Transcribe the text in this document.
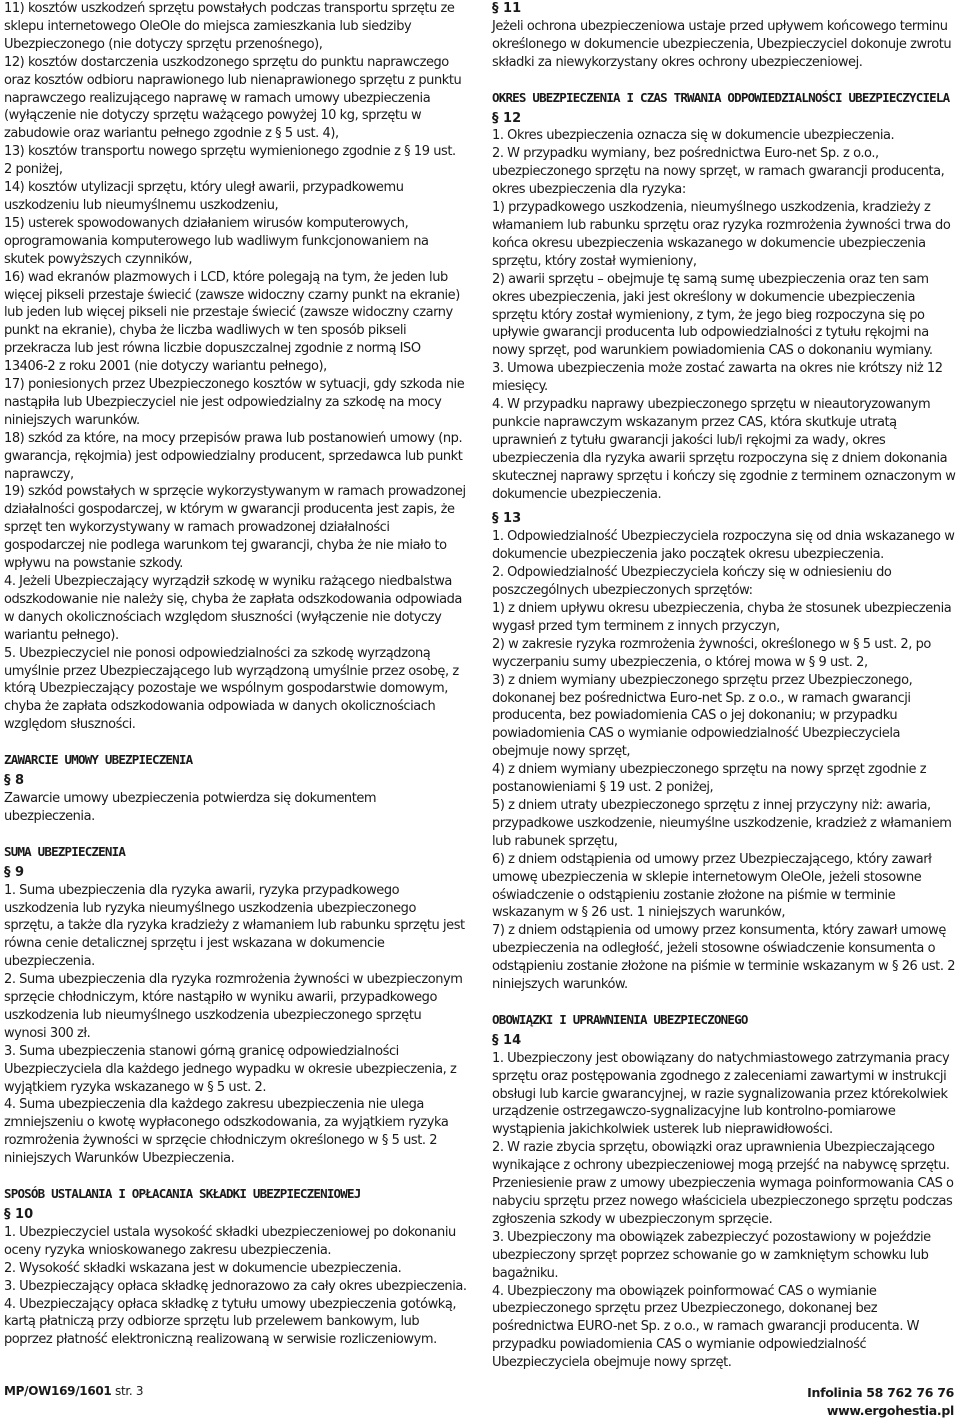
11) kosztów uszkodzeń sprzętu powstałych podczas transportu sprzętu ze sklepu internetowego OleOle do miejsca zamieszkania lub siedziby Ubezpieczonego (nie dotyczy sprzętu przenośnego),

12) kosztów dostarczenia uszkodzonego sprzętu do punktu naprawczego oraz kosztów odbioru naprawionego lub nienaprawionego sprzętu z punktu naprawczego realizującego naprawę w ramach umowy ubezpieczenia (wyłączenie nie dotyczy sprzętu ważącego powyżej 10 kg, sprzętu w zabudowie oraz wariantu pełnego zgodnie z § 5 ust. 4),

13) kosztów transportu nowego sprzętu wymienionego zgodnie z § 19 ust. 2 poniżej,

14) kosztów utylizacji sprzętu, który uległ awarii, przypadkowemu uszkodzeniu lub nieumyślnemu uszkodzeniu,

15) usterek spowodowanych działaniem wirusów komputerowych, oprogramowania komputerowego lub wadliwym funkcjonowaniem na skutek powyższych czynników,

16) wad ekranów plazmowych i LCD, które polegają na tym, że jeden lub więcej pikseli przestaje świecić (zawsze widoczny czarny punkt na ekranie) lub jeden lub więcej pikseli nie przestaje świecić (zawsze widoczny czarny punkt na ekranie), chyba że liczba wadliwych w ten sposób pikseli przekracza lub jest równa liczbie dopuszczalnej zgodnie z normą ISO 13406-2 z roku 2001 (nie dotyczy wariantu pełnego),

17) poniesionych przez Ubezpieczonego kosztów w sytuacji, gdy szkoda nie nastąpiła lub Ubezpieczyciel nie jest odpowiedzialny za szkodę na mocy niniejszych warunków.

18) szkód za które, na mocy przepisów prawa lub postanowień umowy (np. gwarancja, rękojmia) jest odpowiedzialny producent, sprzedawca lub punkt naprawczy,

19) szkód powstałych w sprzęcie wykorzystywanym w ramach prowadzonej działalności gospodarczej, w którym w gwarancji producenta jest zapis, że sprzęt ten wykorzystywany w ramach prowadzonej działalności gospodarczej nie podlega warunkom tej gwarancji, chyba że nie miało to wpływu na powstanie szkody.

4. Jeżeli Ubezpieczający wyrządził szkodę w wyniku rażącego niedbalstwa odszkodowanie nie należy się, chyba że zapłata odszkodowania odpowiada w danych okolicznościach względom słuszności (wyłączenie nie dotyczy wariantu pełnego).

5. Ubezpieczyciel nie ponosi odpowiedzialności za szkodę wyrządzoną umyślnie przez Ubezpieczającego lub wyrządzoną umyślnie przez osobę, z którą Ubezpieczający pozostaje we wspólnym gospodarstwie domowym, chyba że zapłata odszkodowania odpowiada w danych okolicznościach względom słuszności.

ZAWARCIE UMOWY UBEZPIECZENIA

§ 8

Zawarcie umowy ubezpieczenia potwierdza się dokumentem ubezpieczenia.

SUMA UBEZPIECZENIA

§ 9

1. Suma ubezpieczenia dla ryzyka awarii, ryzyka przypadkowego uszkodzenia lub ryzyka nieumyślnego uszkodzenia ubezpieczonego sprzętu, a także dla ryzyka kradzieży z włamaniem lub rabunku sprzętu jest równa cenie detalicznej sprzętu i jest wskazana w dokumencie ubezpieczenia.

2. Suma ubezpieczenia dla ryzyka rozmrożenia żywności w ubezpieczonym sprzęcie chłodniczym, które nastąpiło w wyniku awarii, przypadkowego uszkodzenia lub nieumyślnego uszkodzenia ubezpieczonego sprzętu wynosi 300 zł.

3. Suma ubezpieczenia stanowi górną granicę odpowiedzialności Ubezpieczyciela dla każdego jednego wypadku w okresie ubezpieczenia, z wyjątkiem ryzyka wskazanego w § 5 ust. 2.

4. Suma ubezpieczenia dla każdego zakresu ubezpieczenia nie ulega zmniejszeniu o kwotę wypłaconego odszkodowania, za wyjątkiem ryzyka rozmrożenia żywności w sprzęcie chłodniczym określonego w § 5 ust. 2 niniejszych Warunków Ubezpieczenia.

SPOSÓB USTALANIA I OPŁACANIA SKŁADKI UBEZPIECZENIOWEJ

§ 10

1. Ubezpieczyciel ustala wysokość składki ubezpieczeniowej po dokonaniu oceny ryzyka wnioskowanego zakresu ubezpieczenia.

2. Wysokość składki wskazana jest w dokumencie ubezpieczenia.

3. Ubezpieczający opłaca składkę jednorazowo za cały okres ubezpieczenia.

4. Ubezpieczający opłaca składkę z tytułu umowy ubezpieczenia gotówką, kartą płatniczą przy odbiorze sprzętu lub przelewem bankowym, lub poprzez płatność elektroniczną realizowaną w serwisie rozliczeniowym.

§ 11

Jeżeli ochrona ubezpieczeniowa ustaje przed upływem końcowego terminu określonego w dokumencie ubezpieczenia, Ubezpieczyciel dokonuje zwrotu składki za niewykorzystany okres ochrony ubezpieczeniowej.

OKRES UBEZPIECZENIA I CZAS TRWANIA ODPOWIEDZIALNOŚCI UBEZPIECZYCIELA

§ 12

1. Okres ubezpieczenia oznacza się w dokumencie ubezpieczenia.

2. W przypadku wymiany, bez pośrednictwa Euro-net Sp. z o.o., ubezpieczonego sprzętu na nowy sprzęt, w ramach gwarancji producenta, okres ubezpieczenia dla ryzyka:

1) przypadkowego uszkodzenia, nieumyślnego uszkodzenia, kradzieży z włamaniem lub rabunku sprzętu oraz ryzyka rozmrożenia żywności trwa do końca okresu ubezpieczenia wskazanego w dokumencie ubezpieczenia sprzętu, który został wymieniony,

2) awarii sprzętu – obejmuje tę samą sumę ubezpieczenia oraz ten sam okres ubezpieczenia, jaki jest określony w dokumencie ubezpieczenia sprzętu który został wymieniony, z tym, że jego bieg rozpoczyna się po upływie gwarancji producenta lub odpowiedzialności z tytułu rękojmi na nowy sprzęt, pod warunkiem powiadomienia CAS o dokonaniu wymiany.

3. Umowa ubezpieczenia może zostać zawarta na okres nie krótszy niż 12 miesięcy.

4. W przypadku naprawy ubezpieczonego sprzętu w nieautoryzowanym punkcie naprawczym wskazanym przez CAS, która skutkuje utratą uprawnień z tytułu gwarancji jakości lub/i rękojmi za wady, okres ubezpieczenia dla ryzyka awarii sprzętu rozpoczyna się z dniem dokonania skutecznej naprawy sprzętu i kończy się zgodnie z terminem oznaczonym w dokumencie ubezpieczenia.

§ 13

1. Odpowiedzialność Ubezpieczyciela rozpoczyna się od dnia wskazanego w dokumencie ubezpieczenia jako początek okresu ubezpieczenia.

2. Odpowiedzialność Ubezpieczyciela kończy się w odniesieniu do poszczególnych ubezpieczonych sprzętów:

1) z dniem upływu okresu ubezpieczenia, chyba że stosunek ubezpieczenia wygasł przed tym terminem z innych przyczyn,

2) w zakresie ryzyka rozmrożenia żywności, określonego w § 5 ust. 2, po wyczerpaniu sumy ubezpieczenia, o której mowa w § 9 ust. 2,

3) z dniem wymiany ubezpieczonego sprzętu przez Ubezpieczonego, dokonanej bez pośrednictwa Euro-net Sp. z o.o., w ramach gwarancji producenta, bez powiadomienia CAS o jej dokonaniu; w przypadku powiadomienia CAS o wymianie odpowiedzialność Ubezpieczyciela obejmuje nowy sprzęt,

4) z dniem wymiany ubezpieczonego sprzętu na nowy sprzęt zgodnie z postanowieniami § 19 ust. 2 poniżej,

5) z dniem utraty ubezpieczonego sprzętu z innej przyczyny niż: awaria, przypadkowe uszkodzenie, nieumyślne uszkodzenie, kradzież z włamaniem lub rabunek sprzętu,

6) z dniem odstąpienia od umowy przez Ubezpieczającego, który zawarł umowę ubezpieczenia w sklepie internetowym OleOle, jeżeli stosowne oświadczenie o odstąpieniu zostanie złożone na piśmie w terminie wskazanym w § 26 ust. 1 niniejszych warunków,

7) z dniem odstąpienia od umowy przez konsumenta, który zawarł umowę ubezpieczenia na odległość, jeżeli stosowne oświadczenie konsumenta o odstąpieniu zostanie złożone na piśmie w terminie wskazanym w § 26 ust. 2 niniejszych warunków.

OBOWIĄZKI I UPRAWNIENIA UBEZPIECZONEGO

§ 14

1. Ubezpieczony jest obowiązany do natychmiastowego zatrzymania pracy sprzętu oraz postępowania zgodnego z zaleceniami zawartymi w instrukcji obsługi lub karcie gwarancyjnej, w razie sygnalizowania przez którekolwiek urządzenie ostrzegawczo-sygnalizacyjne lub kontrolno-pomiarowe wystąpienia jakichkolwiek usterek lub nieprawidłowości.

2. W razie zbycia sprzętu, obowiązki oraz uprawnienia Ubezpieczającego wynikające z ochrony ubezpieczeniowej mogą przejść na nabywcę sprzętu. Przeniesienie praw z umowy ubezpieczenia wymaga poinformowania CAS o nabyciu sprzętu przez nowego właściciela ubezpieczonego sprzętu podczas zgłoszenia szkody w ubezpieczonym sprzęcie.

3. Ubezpieczony ma obowiązek zabezpieczyć pozostawiony w pojeździe ubezpieczony sprzęt poprzez schowanie go w zamkniętym schowku lub bagażniku.

4. Ubezpieczony ma obowiązek poinformować CAS o wymianie ubezpieczonego sprzętu przez Ubezpieczonego, dokonanej bez pośrednictwa EURO-net Sp. z o.o., w ramach gwarancji producenta. W przypadku powiadomienia CAS o wymianie odpowiedzialność Ubezpieczyciela obejmuje nowy sprzęt.

MP/OW169/1601 str. 3	Infolinia 58 762 76 76
www.ergohestia.pl
